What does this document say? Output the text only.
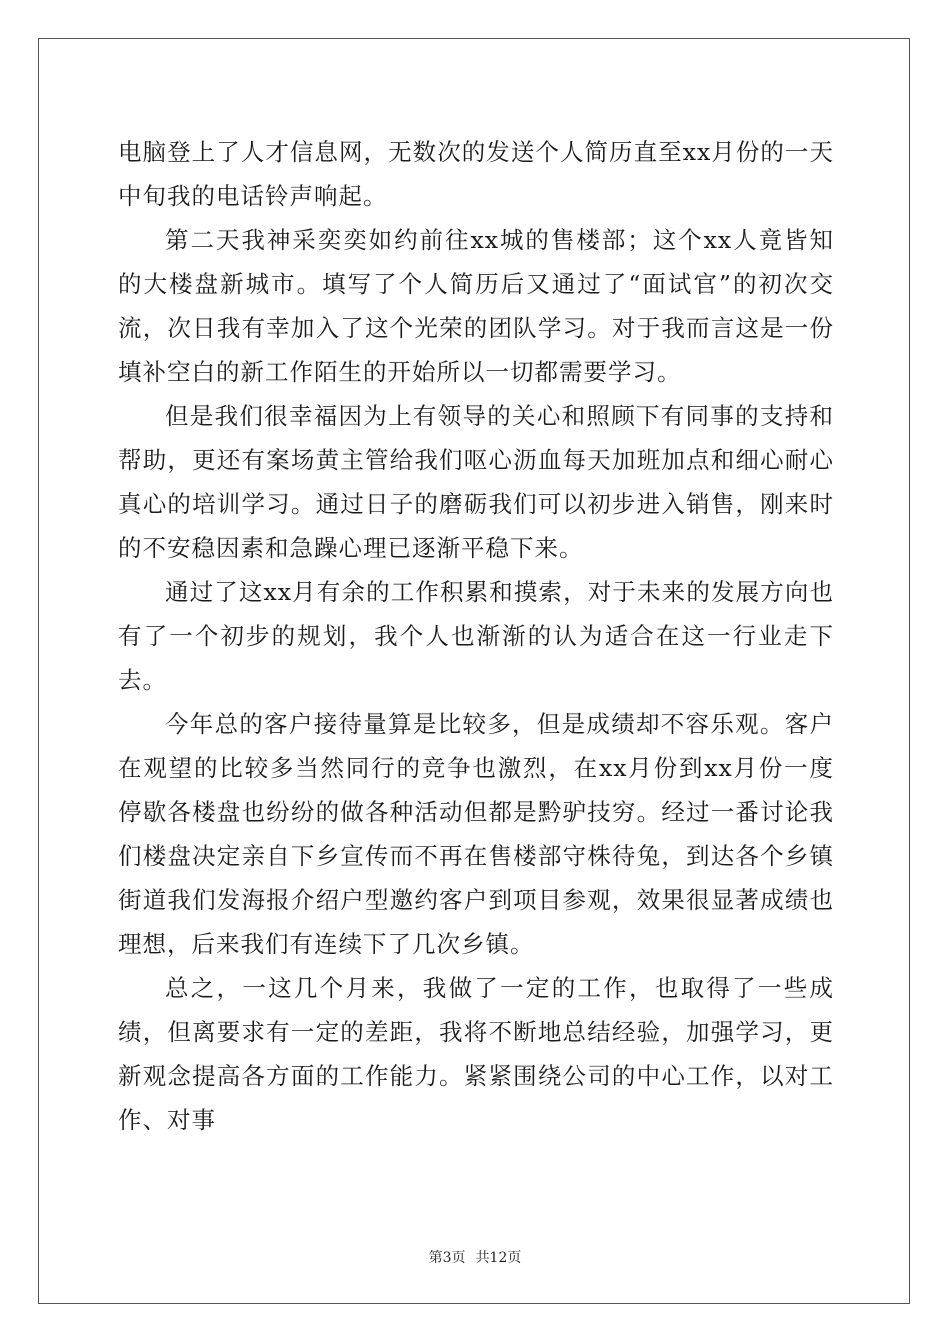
电脑登上了人才信息网，无数次的发送个人简历直至xx月份的一天中旬我的电话铃声响起。

第二天我神采奕奕如约前往xx城的售楼部；这个xx人竟皆知的大楼盘新城市。填写了个人简历后又通过了“面试官”的初次交流，次日我有幸加入了这个光荣的团队学习。对于我而言这是一份填补空白的新工作陌生的开始所以一切都需要学习。

但是我们很幸福因为上有领导的关心和照顾下有同事的支持和帮助，更还有案场黄主管给我们呕心沥血每天加班加点和细心耐心真心的培训学习。通过日子的磨砺我们可以初步进入销售，刚来时的不安稳因素和急躁心理已逐渐平稳下来。

通过了这xx月有余的工作积累和摸索，对于未来的发展方向也有了一个初步的规划，我个人也渐渐的认为适合在这一行业走下去。

今年总的客户接待量算是比较多，但是成绩却不容乐观。客户在观望的比较多当然同行的竞争也激烈，在xx月份到xx月份一度停歇各楼盘也纷纷的做各种活动但都是黔驴技穷。经过一番讨论我们楼盘决定亲自下乡宣传而不再在售楼部守株待兔，到达各个乡镇街道我们发海报介绍户型邀约客户到项目参观，效果很显著成绩也理想，后来我们有连续下了几次乡镇。

总之，一这几个月来，我做了一定的工作，也取得了一些成绩，但离要求有一定的差距，我将不断地总结经验，加强学习，更新观念提高各方面的工作能力。紧紧围绕公司的中心工作，以对工作、对事

第3页 共12页
